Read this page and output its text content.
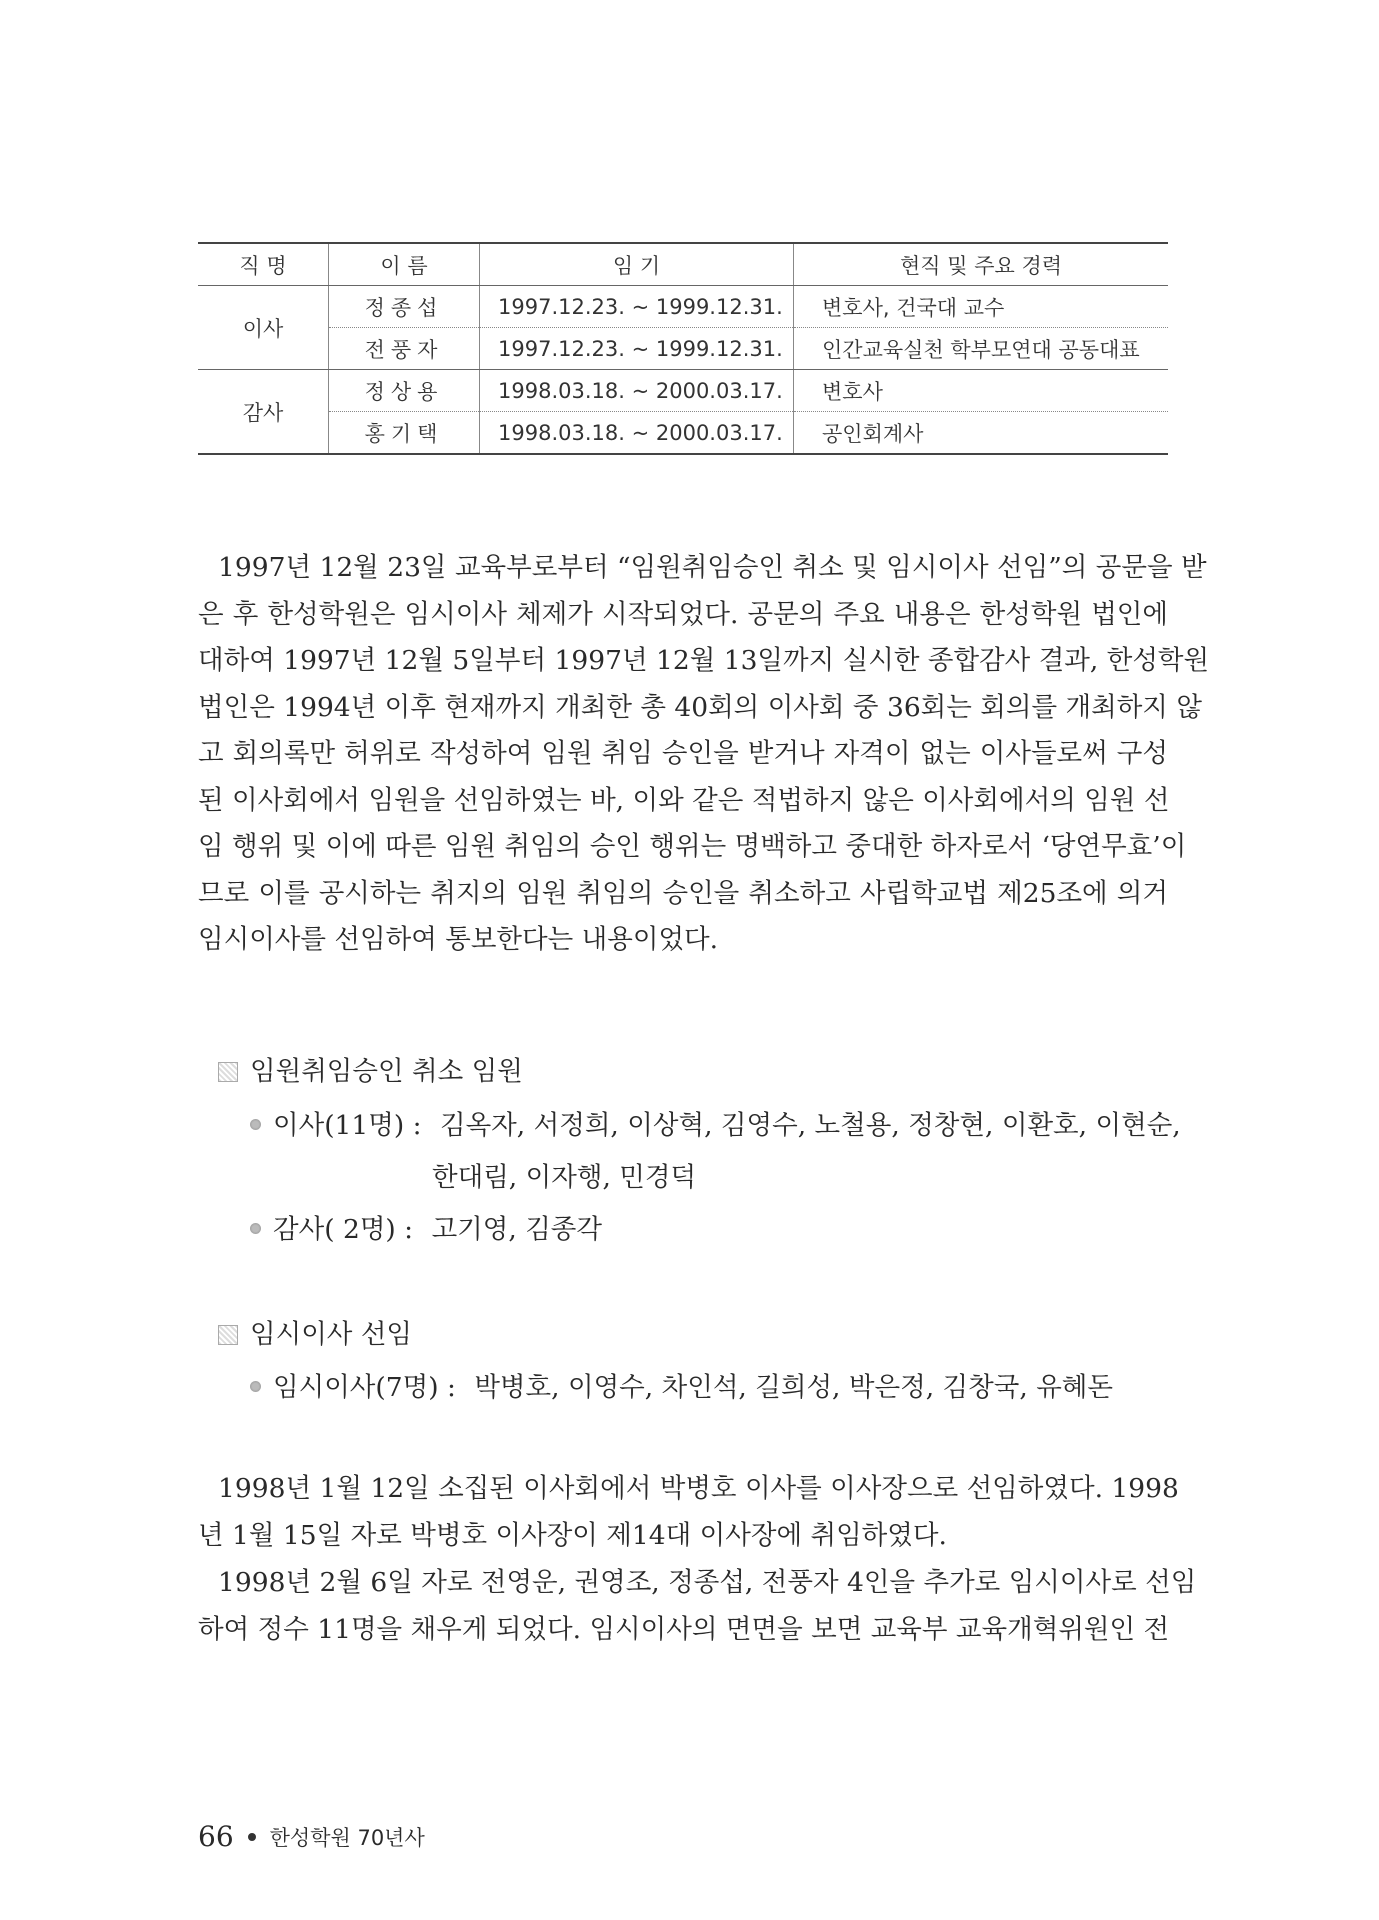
직 명	이 름	임 기	현직 및 주요 경력
이사	정종섭	1997.12.23. ~ 1999.12.31.	변호사, 건국대 교수
	전풍자	1997.12.23. ~ 1999.12.31.	인간교육실천 학부모연대 공동대표
감사	정상용	1998.03.18. ~ 2000.03.17.	변호사
	홍기택	1998.03.18. ~ 2000.03.17.	공인회계사
1997년 12월 23일 교육부로부터 “임원취임승인 취소 및 임시이사 선임”의 공문을 받
은 후 한성학원은 임시이사 체제가 시작되었다. 공문의 주요 내용은 한성학원 법인에
대하여 1997년 12월 5일부터 1997년 12월 13일까지 실시한 종합감사 결과, 한성학원
법인은 1994년 이후 현재까지 개최한 총 40회의 이사회 중 36회는 회의를 개최하지 않
고 회의록만 허위로 작성하여 임원 취임 승인을 받거나 자격이 없는 이사들로써 구성
된 이사회에서 임원을 선임하였는 바, 이와 같은 적법하지 않은 이사회에서의 임원 선
임 행위 및 이에 따른 임원 취임의 승인 행위는 명백하고 중대한 하자로서 ‘당연무효’이
므로 이를 공시하는 취지의 임원 취임의 승인을 취소하고 사립학교법 제25조에 의거
임시이사를 선임하여 통보한다는 내용이었다.
임원취임승인 취소 임원
이사(11명) : 김옥자, 서정희, 이상혁, 김영수, 노철용, 정창현, 이환호, 이현순,
한대림, 이자행, 민경덕
감사( 2명) : 고기영, 김종각
임시이사 선임
임시이사(7명) : 박병호, 이영수, 차인석, 길희성, 박은정, 김창국, 유혜돈
1998년 1월 12일 소집된 이사회에서 박병호 이사를 이사장으로 선임하였다. 1998
년 1월 15일 자로 박병호 이사장이 제14대 이사장에 취임하였다.
1998년 2월 6일 자로 전영운, 권영조, 정종섭, 전풍자 4인을 추가로 임시이사로 선임
하여 정수 11명을 채우게 되었다. 임시이사의 면면을 보면 교육부 교육개혁위원인 전
66 한성학원 70년사
